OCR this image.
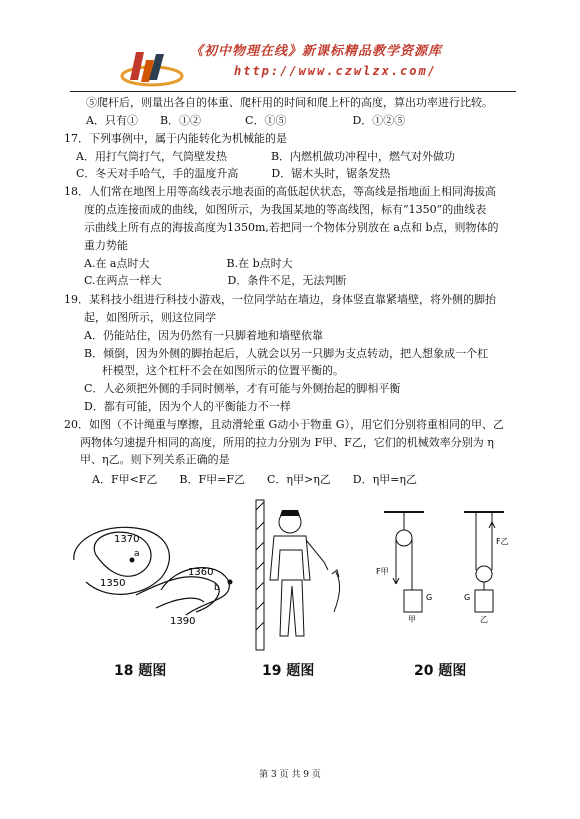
《初中物理在线》新课标精品教学资源库
http://www.czwlzx.com/
⑤爬杆后，则量出各自的体重、爬杆用的时间和爬上杆的高度，算出功率进行比较。
A．只有①　　B．①②　　　　C．①⑤　　　　　　D．①②⑤
17．下列事例中，属于内能转化为机械能的是
A．用打气筒打气，气筒壁发热　　　　B．内燃机做功冲程中，燃气对外做功
C．冬天对手哈气，手的温度升高　　　D．锯木头时，锯条发热
18．人们常在地图上用等高线表示地表面的高低起伏状态，等高线是指地面上相同海拔高
度的点连接而成的曲线，如图所示，为我国某地的等高线图，标有“1350”的曲线表
示曲线上所有点的海拔高度为1350m,若把同一个物体分别放在 a点和 b点，则物体的
重力势能
A.在 a点时大　　　　　　　B.在 b点时大
C.在两点一样大　　　　　　D．条件不足，无法判断
19．某科技小组进行科技小游戏，一位同学站在墙边，身体竖直靠紧墙壁，将外侧的脚抬
起，如图所示，则这位同学
A．仍能站住，因为仍然有一只脚着地和墙壁依靠
B．倾倒，因为外侧的脚抬起后，人就会以另一只脚为支点转动，把人想象成一个杠
杆模型，这个杠杆不会在如图所示的位置平衡的。
C．人必须把外侧的手同时侧举，才有可能与外侧抬起的脚相平衡
D．都有可能，因为个人的平衡能力不一样
20．如图（不计绳重与摩擦，且动滑轮重 G动小于物重 G），用它们分别将重相同的甲、乙
两物体匀速提升相同的高度，所用的拉力分别为 F甲、F乙，它们的机械效率分别为 η
甲、η乙。则下列关系正确的是
A．F甲<F乙　　B．F甲=F乙　　C．η甲>η乙　　D．η甲=η乙
1370
a
1360
1350	b
1390
18 题图	19 题图
F甲
G
甲
F乙
G
乙
20 题图
第 3 页 共 9 页
